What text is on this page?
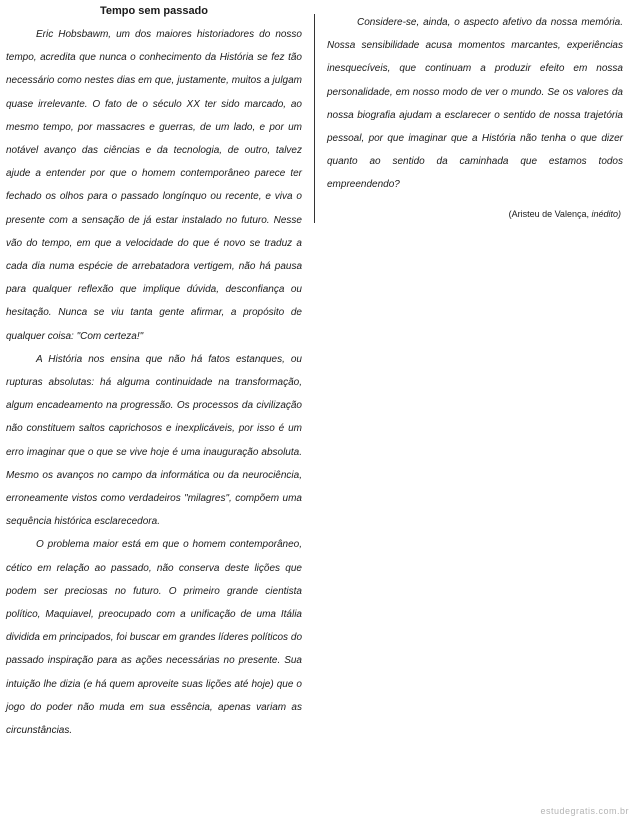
Tempo sem passado

Eric Hobsbawm, um dos maiores historiadores do nosso tempo, acredita que nunca o conhecimento da História se fez tão necessário como nestes dias em que, justamente, muitos a julgam quase irrelevante. O fato de o século XX ter sido marcado, ao mesmo tempo, por massacres e guerras, de um lado, e por um notável avanço das ciências e da tecnologia, de outro, talvez ajude a entender por que o homem contemporâneo parece ter fechado os olhos para o passado longínquo ou recente, e viva o presente com a sensação de já estar instalado no futuro. Nesse vão do tempo, em que a velocidade do que é novo se traduz a cada dia numa espécie de arrebatadora vertigem, não há pausa para qualquer reflexão que implique dúvida, desconfiança ou hesitação. Nunca se viu tanta gente afirmar, a propósito de qualquer coisa: "Com certeza!"

A História nos ensina que não há fatos estanques, ou rupturas absolutas: há alguma continuidade na transformação, algum encadeamento na progressão. Os processos da civilização não constituem saltos caprichosos e inexplicáveis, por isso é um erro imaginar que o que se vive hoje é uma inauguração absoluta. Mesmo os avanços no campo da informática ou da neurociência, erroneamente vistos como verdadeiros "milagres", compõem uma sequência histórica esclarecedora.

O problema maior está em que o homem contemporâneo, cético em relação ao passado, não conserva deste lições que podem ser preciosas no futuro. O primeiro grande cientista político, Maquiavel, preocupado com a unificação de uma Itália dividida em principados, foi buscar em grandes líderes políticos do passado inspiração para as ações necessárias no presente. Sua intuição lhe dizia (e há quem aproveite suas lições até hoje) que o jogo do poder não muda em sua essência, apenas variam as circunstâncias.

Considere-se, ainda, o aspecto afetivo da nossa memória. Nossa sensibilidade acusa momentos marcantes, experiências inesquecíveis, que continuam a produzir efeito em nossa personalidade, em nosso modo de ver o mundo. Se os valores da nossa biografia ajudam a esclarecer o sentido de nossa trajetória pessoal, por que imaginar que a História não tenha o que dizer quanto ao sentido da caminhada que estamos todos empreendendo?

(Aristeu de Valença, inédito)
estudegratis.com.br
